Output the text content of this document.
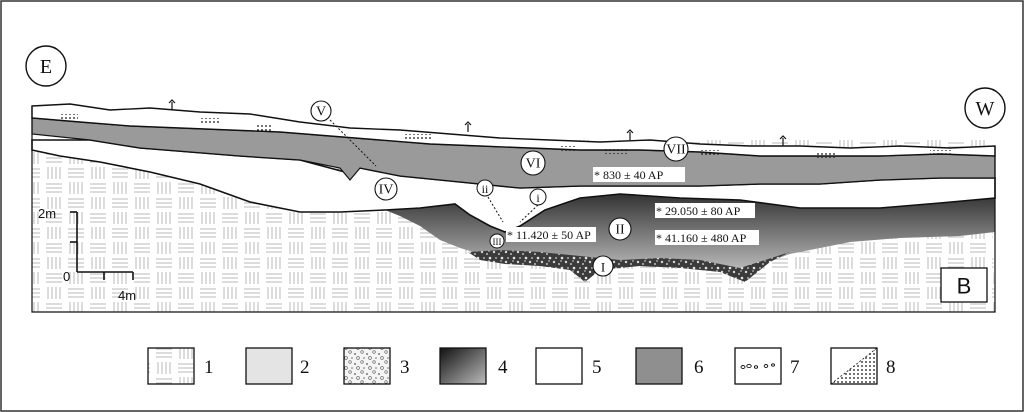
E
W
V
IV
VI
VII
II
I
III
i
ii
* 830 ± 40 AP
* 29.050 ± 80 AP
* 11.420 ± 50 AP	* 41.160 ± 480 AP
2m
0
4m	B
1	2	3	4	5	6	7	8
